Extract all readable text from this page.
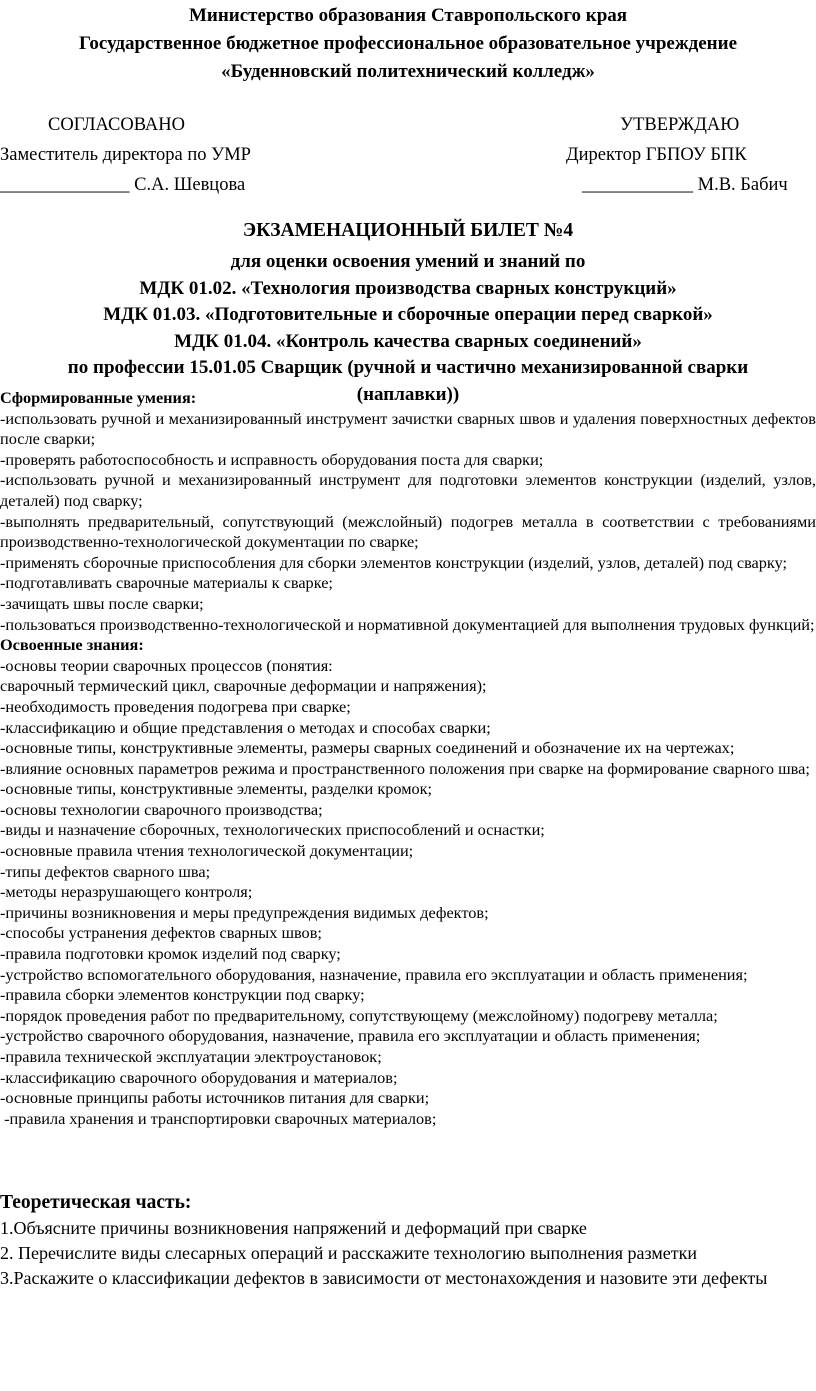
Министерство образования Ставропольского края

Государственное бюджетное профессиональное образовательное учреждение

«Буденновский политехнический колледж»

СОГЛАСОВАНО
Заместитель директора по УМР
______________ С.А. Шевцова
УТВЕРЖДАЮ
Директор ГБПОУ БПК
____________ М.В. Бабич
ЭКЗАМЕНАЦИОННЫЙ БИЛЕТ №4
для оценки освоения умений и знаний по
МДК 01.02. «Технология производства сварных конструкций»
МДК 01.03. «Подготовительные и сборочные операции перед сваркой»
МДК 01.04. «Контроль качества сварных соединений»
по профессии 15.01.05 Сварщик (ручной и частично механизированной сварки (наплавки))
Сформированные умения:
-использовать ручной и механизированный инструмент зачистки сварных швов и удаления поверхностных дефектов после сварки;
-проверять работоспособность и исправность оборудования поста для сварки;
-использовать ручной и механизированный инструмент для подготовки элементов конструкции (изделий, узлов, деталей) под сварку;
-выполнять предварительный, сопутствующий (межслойный) подогрев металла в соответствии с требованиями производственно-технологической документации по сварке;
-применять сборочные приспособления для сборки элементов конструкции (изделий, узлов, деталей) под сварку;
-подготавливать сварочные материалы к сварке;
-зачищать швы после сварки;
-пользоваться производственно-технологической и нормативной документацией для выполнения трудовых функций;
Освоенные знания:
-основы теории сварочных процессов (понятия:
сварочный термический цикл, сварочные деформации и напряжения);
-необходимость проведения подогрева при сварке;
-классификацию и общие представления о методах и способах сварки;
-основные типы, конструктивные элементы, размеры сварных соединений и обозначение их на чертежах;
-влияние основных параметров режима и пространственного положения при сварке на формирование сварного шва;
-основные типы, конструктивные элементы, разделки кромок;
-основы технологии сварочного производства;
-виды и назначение сборочных, технологических приспособлений и оснастки;
-основные правила чтения технологической документации;
-типы дефектов сварного шва;
-методы неразрушающего контроля;
-причины возникновения и меры предупреждения видимых дефектов;
-способы устранения дефектов сварных швов;
-правила подготовки кромок изделий под сварку;
-устройство вспомогательного оборудования, назначение, правила его эксплуатации и область применения;
-правила сборки элементов конструкции под сварку;
-порядок проведения работ по предварительному, сопутствующему (межслойному) подогреву металла;
-устройство сварочного оборудования, назначение, правила его эксплуатации и область применения;
-правила технической эксплуатации электроустановок;
-классификацию сварочного оборудования и материалов;
-основные принципы работы источников питания для сварки;
-правила хранения и транспортировки сварочных материалов;
Теоретическая часть:
1.Объясните причины возникновения напряжений и деформаций при сварке
2. Перечислите виды слесарных операций и расскажите технологию выполнения разметки
3.Раскажите о классификации дефектов в зависимости от местонахождения и назовите эти дефекты
